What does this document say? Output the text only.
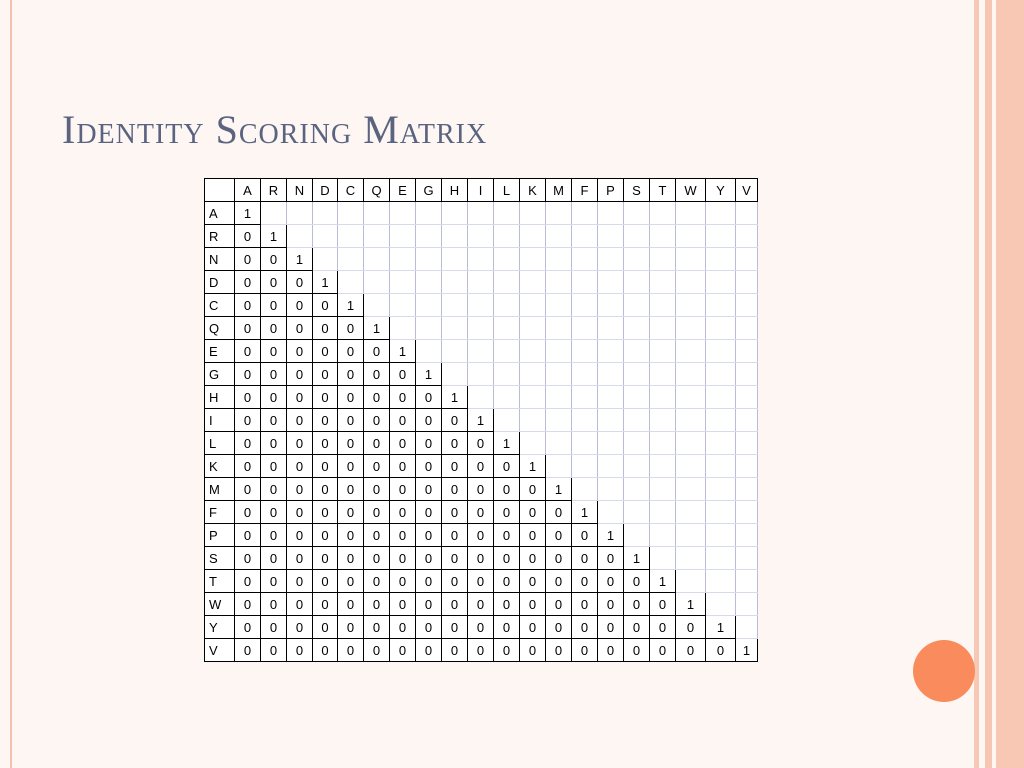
Identity Scoring Matrix
	A	R	N	D	C	Q	E	G	H	I	L	K	M	F	P	S	T	W	Y	V
A	1																			
R	0	1																		
N	0	0	1																	
D	0	0	0	1																
C	0	0	0	0	1															
Q	0	0	0	0	0	1														
E	0	0	0	0	0	0	1													
G	0	0	0	0	0	0	0	1												
H	0	0	0	0	0	0	0	0	1											
I	0	0	0	0	0	0	0	0	0	1										
L	0	0	0	0	0	0	0	0	0	0	1									
K	0	0	0	0	0	0	0	0	0	0	0	1								
M	0	0	0	0	0	0	0	0	0	0	0	0	1							
F	0	0	0	0	0	0	0	0	0	0	0	0	0	1						
P	0	0	0	0	0	0	0	0	0	0	0	0	0	0	1					
S	0	0	0	0	0	0	0	0	0	0	0	0	0	0	0	1				
T	0	0	0	0	0	0	0	0	0	0	0	0	0	0	0	0	1			
W	0	0	0	0	0	0	0	0	0	0	0	0	0	0	0	0	0	1		
Y	0	0	0	0	0	0	0	0	0	0	0	0	0	0	0	0	0	0	1	
V	0	0	0	0	0	0	0	0	0	0	0	0	0	0	0	0	0	0	0	1
